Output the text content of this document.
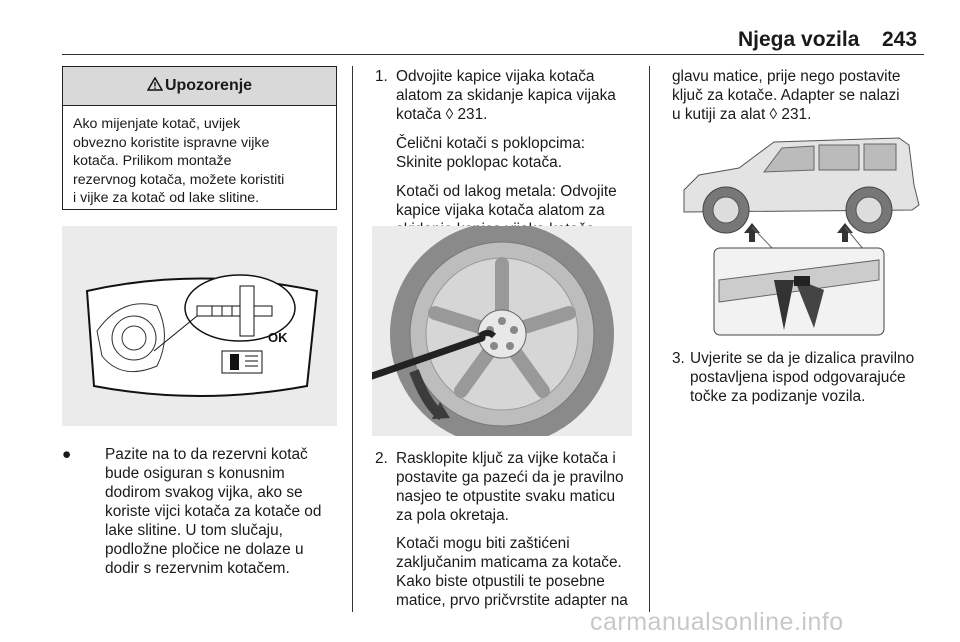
Njega vozila 243
Upozorenje
Ako mijenjate kotač, uvijek
obvezno koristite ispravne vijke
kotača. Prilikom montaže
rezervnog kotača, možete koristiti
i vijke za kotač od lake slitine.
OK
●	Pazite na to da rezervni kotač
bude osiguran s konusnim
dodirom svakog vijka, ako se
koriste vijci kotača za kotače od
lake slitine. U tom slučaju,
podložne pločice ne dolaze u
dodir s rezervnim kotačem.
1. Odvojite kapice vijaka kotača
alatom za skidanje kapica vijaka
kotača ◊ 231.
Čelični kotači s poklopcima:
Skinite poklopac kotača.
Kotači od lakog metala: Odvojite
kapice vijaka kotača alatom za
2. Rasklopite ključ za vijke kotača i
postavite ga pazeći da je pravilno
nasjeo te otpustite svaku maticu
za pola okretaja.
Kotači mogu biti zaštićeni
zaključanim maticama za kotače.
Kako biste otpustili te posebne
matice, prvo pričvrstite adapter na
glavu matice, prije nego postavite
ključ za kotače. Adapter se nalazi
u kutiji za alat ◊ 231.
3. Uvjerite se da je dizalica pravilno
postavljena ispod odgovarajuće
točke za podizanje vozila.
carmanualsonline.info
